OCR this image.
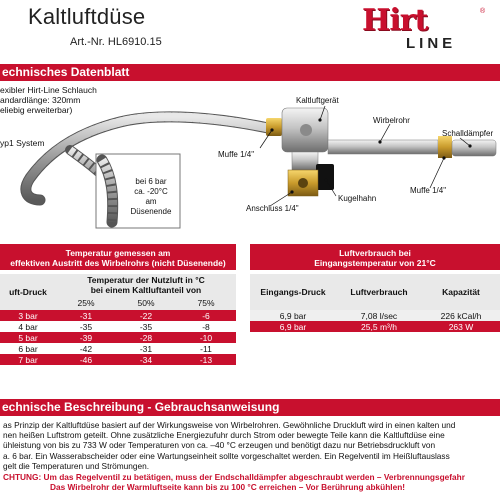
Kaltluftdüse
Art.-Nr. HL6910.15
Hirt	®
LINE
echnisches Datenblatt
exibler Hirt-Line Schlauch
andardlänge: 320mm
eliebig erweiterbar)
yp1 System
bei 6 bar
ca. -20°C
am
Düsenende
Kaltluftgerät
Wirbelrohr
Schalldämpfer
Muffe 1/4"
Muffe 1/4"
Kugelhahn
Anschluss 1/4"
Temperatur gemessen am
effektiven Austritt des Wirbelrohrs (nicht Düsenende)			

uft-Druck	Temperatur der Nutzluft in °C
bei einem Kaltluftanteil von		

	25%	50%	75%
3 bar	-31	-22	-6
4 bar	-35	-35	-8
5 bar	-39	-28	-10
6 bar	-42	-31	-11
7 bar	-46	-34	-13
Luftverbrauch bei
Eingangstemperatur von 21°C		

Eingangs-Druck	Luftverbrauch	Kapazität
6,9 bar	7,08 l/sec	226 kCal/h
6,9 bar	25,5 m³/h	263 W
echnische Beschreibung - Gebrauchsanweisung
as Prinzip der Kaltluftdüse basiert auf der Wirkungsweise von Wirbelrohren. Gewöhnliche Druckluft wird in einen kalten und
nen heißen Luftstrom geteilt. Ohne zusätzliche Energiezufuhr durch Strom oder bewegte Teile kann die Kaltluftdüse eine
ühleistung von bis zu 733 W oder Temperaturen von ca. –40 °C erzeugen und benötigt dazu nur Betriebsdruckluft von
a. 6 bar. Ein Wasserabscheider oder eine Wartungseinheit sollte vorgeschaltet werden. Ein Regelventil im Heißluftauslass
gelt die Temperaturen und Strömungen.
CHTUNG: Um das Regelventil zu betätigen, muss der Endschalldämpfer abgeschraubt werden – Verbrennungsgefahr
Das Wirbelrohr der Warmluftseite kann bis zu 100 °C erreichen – Vor Berührung abkühlen!
